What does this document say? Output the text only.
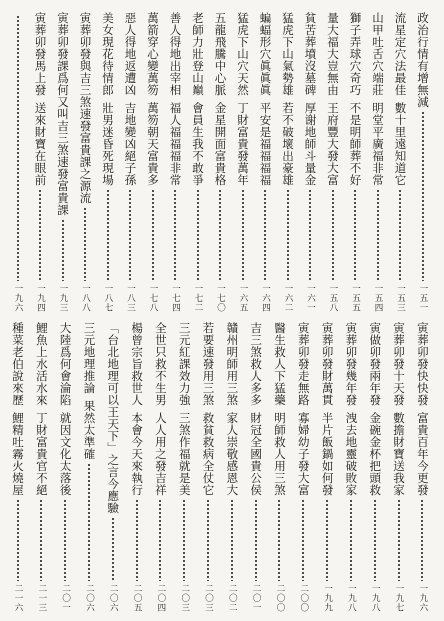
政治行情有增無減
一五一
流星定穴法最佳
數十里遠知道它
一五三
山甲吐舌穴端莊
明堂平廣福非常
一五四
獅子弄球穴奇巧
不是明師葬不好
一五五
量大福大豈無由
王府豐大發大富
一五八
貧苦葬墳沒墓碑
厚谢地師斗量金
一六一
猛虎下山氣勢雄
若不破壞出豪雄
一六二
蝙蝠形穴眞眞眞
平安是福福福福
一六四
猛虎下山穴天然
丁財富貴發萬年
一六五
五龍飛騰中心脈
金星開面富貴格
一七〇
老師力壯登山巔
會員生我不敢爭
一七二
善人得地出宰相
福人福福福非常
一七四
萬箭穿心變萬笏
萬笏朝天富貴多
一七八
惡人得地返遭凶
吉地變凶絕子孫
一八三
美女現花待情郎
壯男迷昏死現場
一八七
寅葬卯發與吉三煞速發富貴課之源流
一八八
寅葬卯發課爲何又叫吉三煞速發富貴課
一九三
寅葬卯發馬上發
送來財寶在眼前
一九四
一九六
寅葬卯發快快發
富貴百年今更發
一九六
寅葬卯發十天發
數擔財寶送我家
一九七
寅做卯發兩年發
金碗金杯把頭救
一九八
寅葬卯發幾年發
洩去地靈破敗家
一九八
寅葬卯發財萬貫
半片飯鍋如何發
一九九
寅葬卯發走無路
寡婦幼子發大富
二〇〇
醫生救人下猛藥
明師救人用三煞
二〇〇
吉三煞救人多多
財冠全國貴公侯
二〇一
贛州明師用三煞
家人崇敬感恩大
二〇二
若要速發用三煞
救貧救病全仗它
二〇三
三元紅課效力強
三煞作福就是美
二〇三
全世只救不生男
人人用之發吉祥
二〇四
楊曾宗旨救世人
本會今天來執行
二〇五
「台北地理可以王天下」之言今應驗
二〇六
三元地理推論
果然太準確
二〇六
大陸爲何會淪陷
就因文化太落後
二〇一
鯉魚上水活水來
丁財富貴官不絕
二一三
種菜老伯說來歷
鯉精吐霧火燒屋
二一六
